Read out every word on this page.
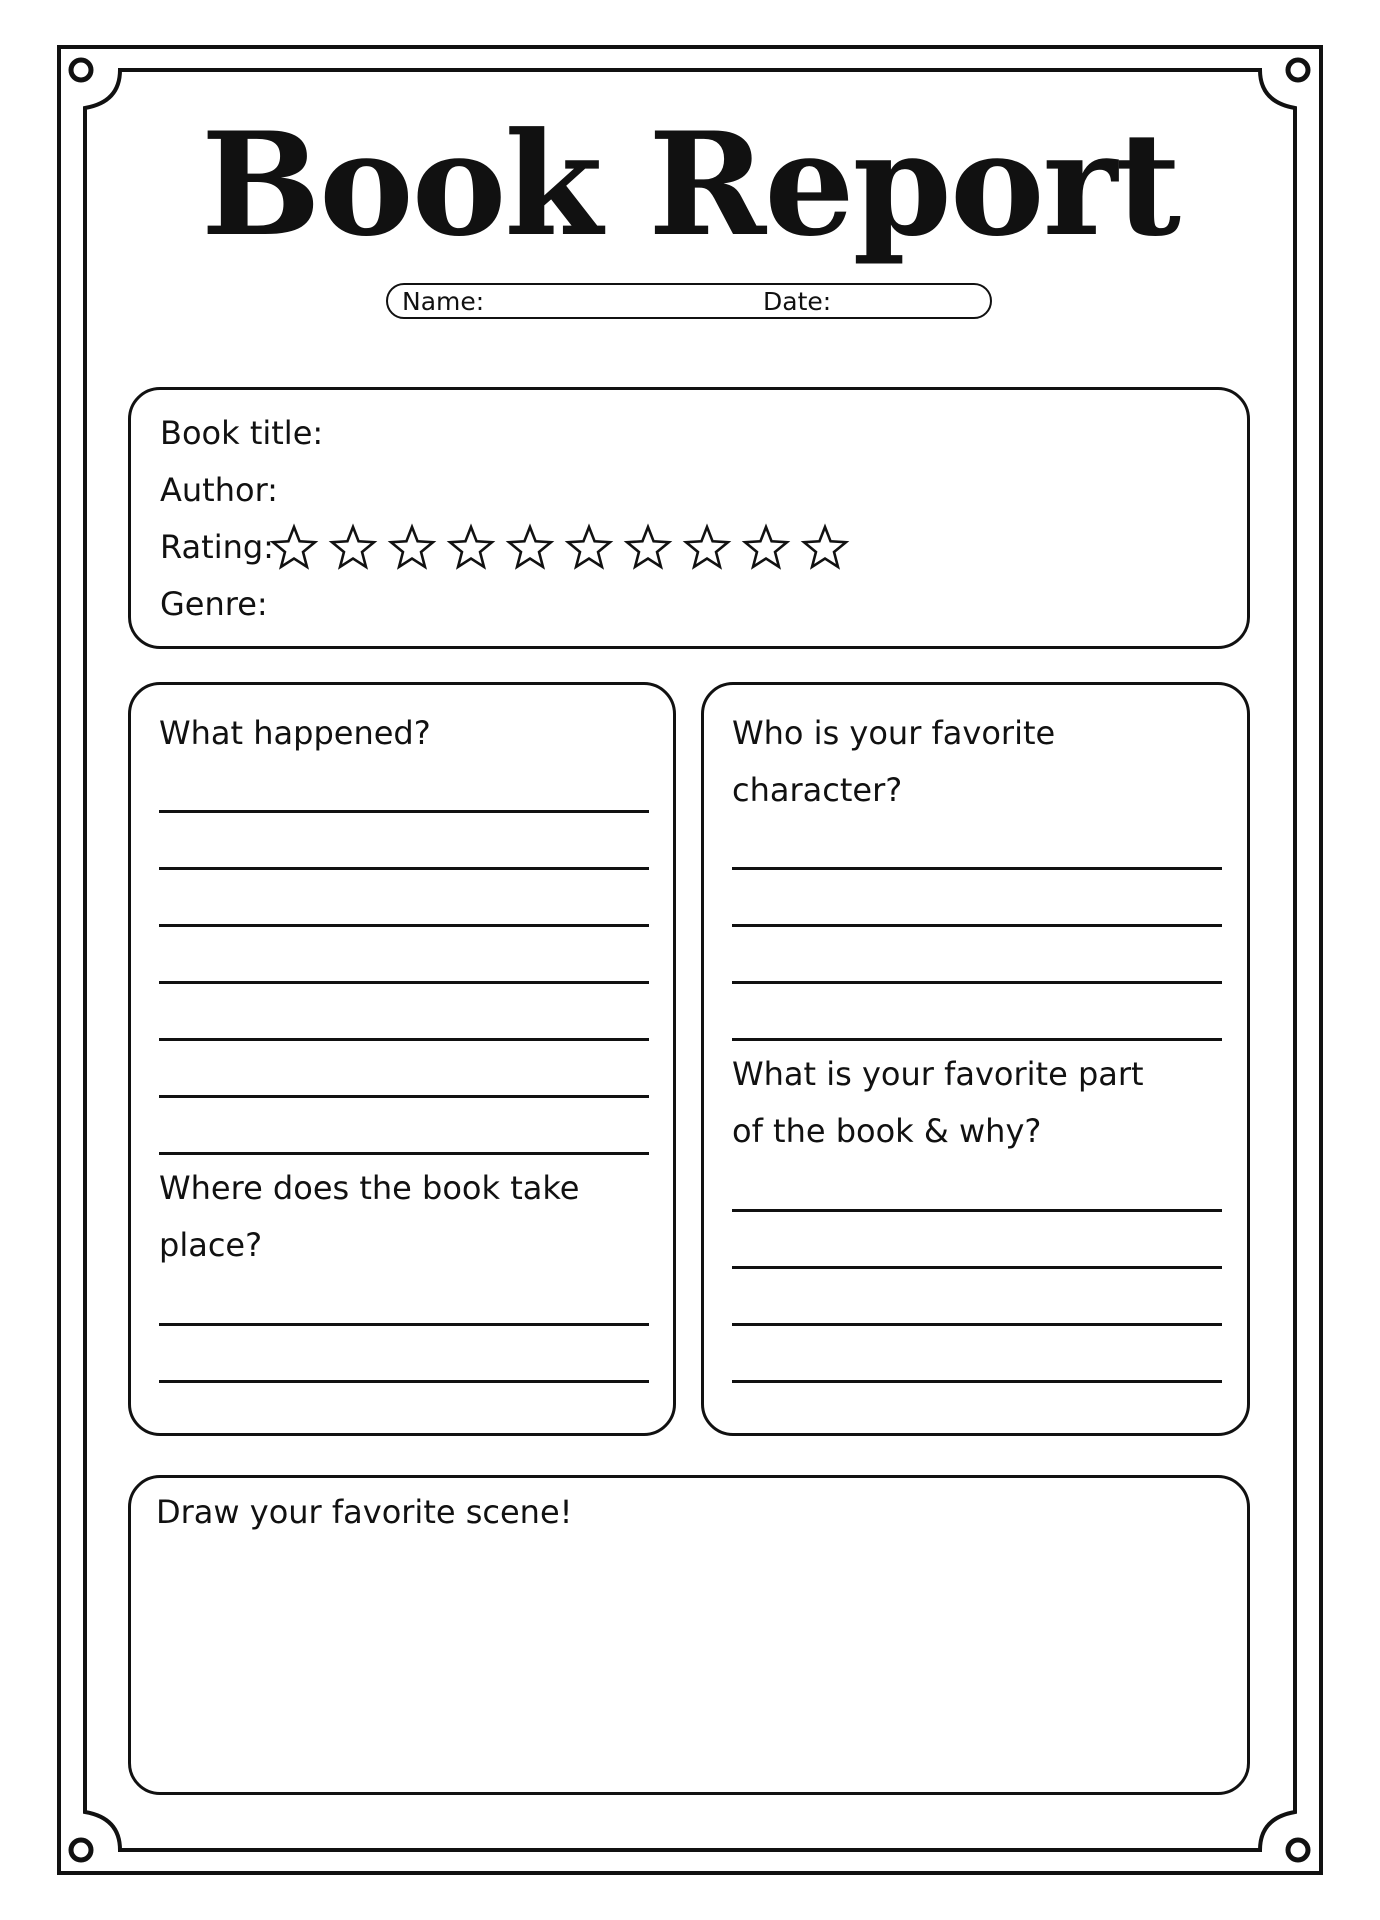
Book Report
Name:	Date:
Book title:
Author:
Rating:
Genre:
What happened?
Where does the book take
place?
Who is your favorite
character?
What is your favorite part
of the book & why?
Draw your favorite scene!
